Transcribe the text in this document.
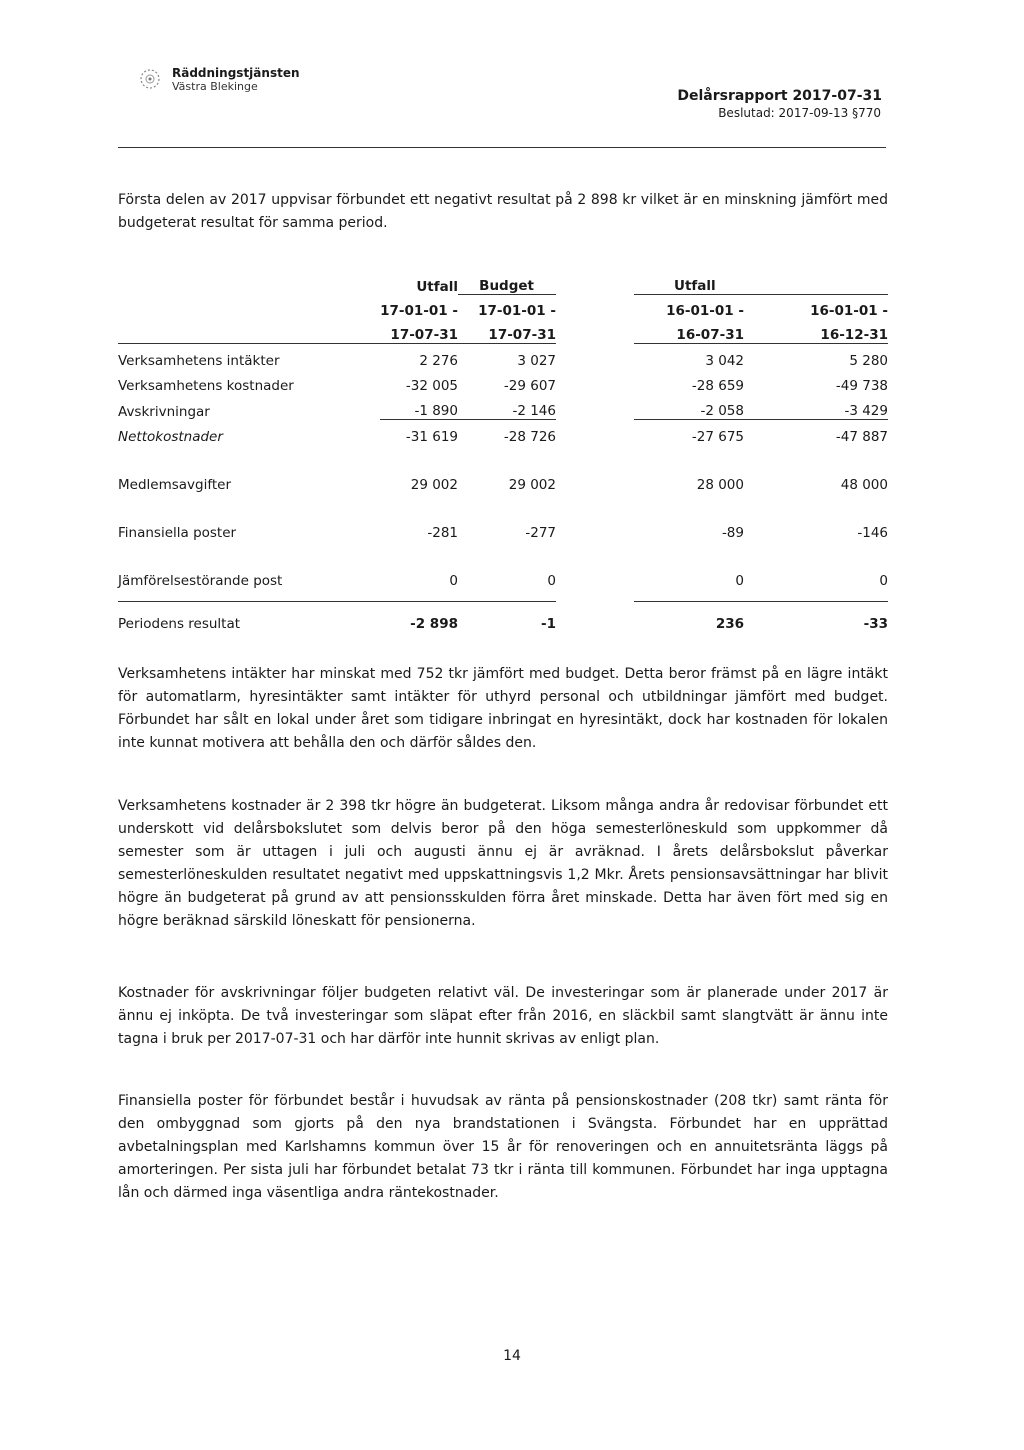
Räddningstjänsten
Västra Blekinge
Delårsrapport 2017-07-31
Beslutad: 2017-09-13 §770

Första delen av 2017 uppvisar förbundet ett negativt resultat på 2 898 kr vilket är en minskning jämfört med budgeterat resultat för samma period.

	Utfall	Budget		Utfall	
	17-01-01 -	17-01-01 -		16-01-01 -	16-01-01 -
	17-07-31	17-07-31		16-07-31	16-12-31
Verksamhetens intäkter	2 276	3 027		3 042	5 280
Verksamhetens kostnader	-32 005	-29 607		-28 659	-49 738
Avskrivningar	-1 890	-2 146		-2 058	-3 429
Nettokostnader	-31 619	-28 726		-27 675	-47 887

Medlemsavgifter	29 002	29 002		28 000	48 000

Finansiella poster	-281	-277		-89	-146

Jämförelsestörande post	0	0		0	0

Periodens resultat	-2 898	-1		236	-33

Verksamhetens intäkter har minskat med 752 tkr jämfört med budget. Detta beror främst på en lägre intäkt för automatlarm, hyresintäkter samt intäkter för uthyrd personal och utbildningar jämfört med budget. Förbundet har sålt en lokal under året som tidigare inbringat en hyresintäkt, dock har kostnaden för lokalen inte kunnat motivera att behålla den och därför såldes den.

Verksamhetens kostnader är 2 398 tkr högre än budgeterat. Liksom många andra år redovisar förbundet ett underskott vid delårsbokslutet som delvis beror på den höga semesterlöneskuld som uppkommer då semester som är uttagen i juli och augusti ännu ej är avräknad. I årets delårsbokslut påverkar semesterlöneskulden resultatet negativt med uppskattningsvis 1,2 Mkr. Årets pensionsavsättningar har blivit högre än budgeterat på grund av att pensionsskulden förra året minskade. Detta har även fört med sig en högre beräknad särskild löneskatt för pensionerna.

Kostnader för avskrivningar följer budgeten relativt väl. De investeringar som är planerade under 2017 är ännu ej inköpta. De två investeringar som släpat efter från 2016, en släckbil samt slangtvätt är ännu inte tagna i bruk per 2017-07-31 och har därför inte hunnit skrivas av enligt plan.

Finansiella poster för förbundet består i huvudsak av ränta på pensionskostnader (208 tkr) samt ränta för den ombyggnad som gjorts på den nya brandstationen i Svängsta. Förbundet har en upprättad avbetalningsplan med Karlshamns kommun över 15 år för renoveringen och en annuitetsränta läggs på amorteringen. Per sista juli har förbundet betalat 73 tkr i ränta till kommunen. Förbundet har inga upptagna lån och därmed inga väsentliga andra räntekostnader.

14
